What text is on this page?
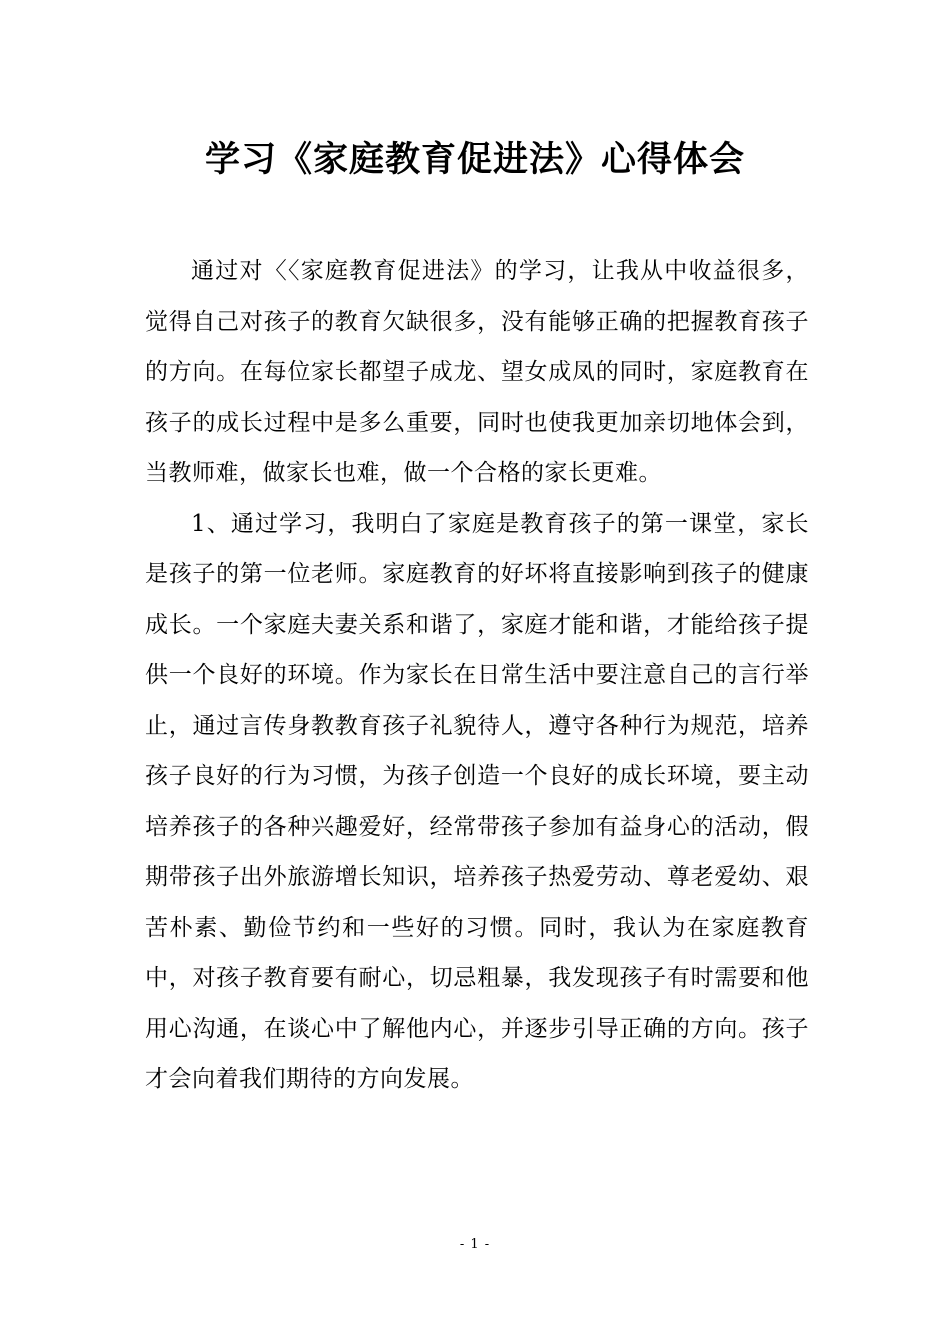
学习《家庭教育促进法》心得体会

通过对〈〈家庭教育促进法》的学习，让我从中收益很多，觉得自己对孩子的教育欠缺很多，没有能够正确的把握教育孩子的方向。在每位家长都望子成龙、望女成凤的同时，家庭教育在孩子的成长过程中是多么重要，同时也使我更加亲切地体会到，当教师难，做家长也难，做一个合格的家长更难。

1、通过学习，我明白了家庭是教育孩子的第一课堂，家长是孩子的第一位老师。家庭教育的好坏将直接影响到孩子的健康成长。一个家庭夫妻关系和谐了，家庭才能和谐，才能给孩子提供一个良好的环境。作为家长在日常生活中要注意自己的言行举止，通过言传身教教育孩子礼貌待人，遵守各种行为规范，培养孩子良好的行为习惯，为孩子创造一个良好的成长环境，要主动培养孩子的各种兴趣爱好，经常带孩子参加有益身心的活动，假期带孩子出外旅游增长知识，培养孩子热爱劳动、尊老爱幼、艰苦朴素、勤俭节约和一些好的习惯。同时，我认为在家庭教育中，对孩子教育要有耐心，切忌粗暴，我发现孩子有时需要和他用心沟通，在谈心中了解他内心，并逐步引导正确的方向。孩子才会向着我们期待的方向发展。

- 1 -
